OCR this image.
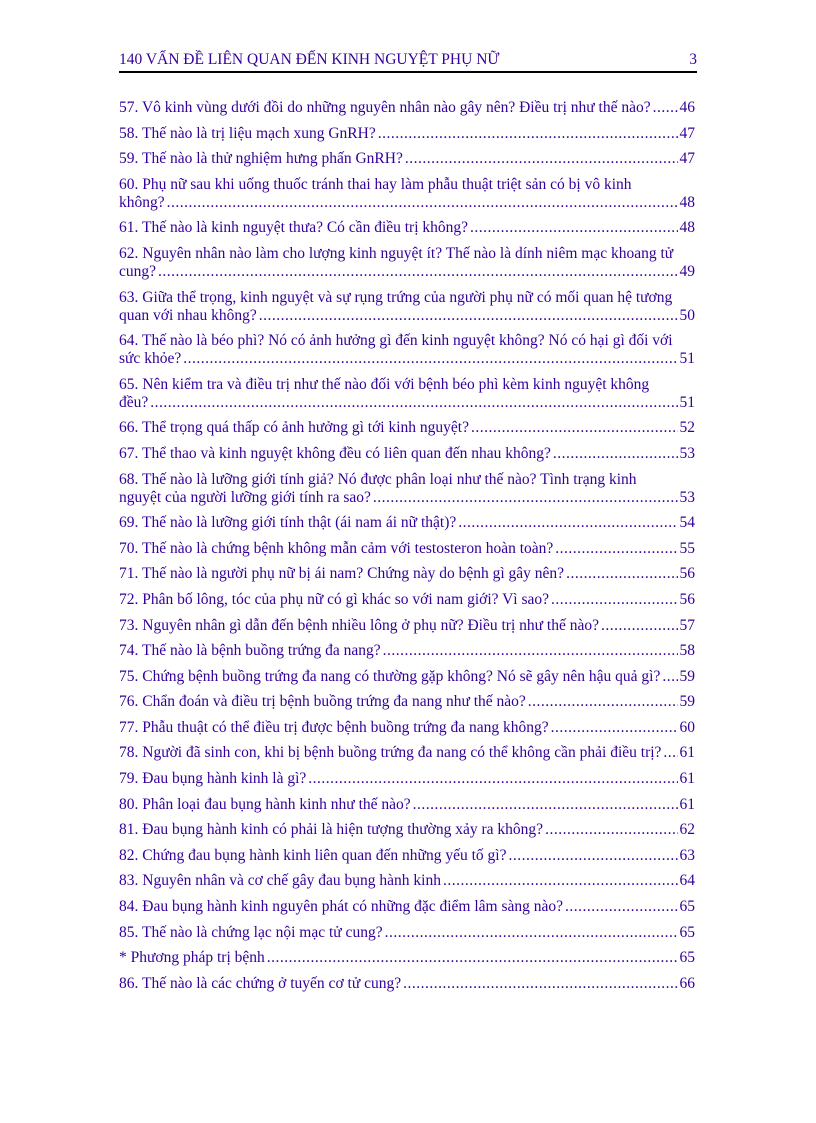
140 VẤN ĐỀ LIÊN QUAN ĐẾN KINH NGUYỆT PHỤ NỮ	3
57. Vô kinh vùng dưới đồi do những nguyên nhân nào gây nên? Điều trị như thế nào? ..... 46
58. Thế nào là trị liệu mạch xung GnRH? .....	47
59. Thế nào là thử nghiệm hưng phấn GnRH? .....	47
60. Phụ nữ sau khi uống thuốc tránh thai hay làm phẫu thuật triệt sản có bị vô kinh
không? .....	48
61. Thế nào là kinh nguyệt thưa? Có cần điều trị không? .....	48
62. Nguyên nhân nào làm cho lượng kinh nguyệt ít? Thế nào là dính niêm mạc khoang tử
cung? .....	49
63. Giữa thể trọng, kinh nguyệt và sự rụng trứng của người phụ nữ có mối quan hệ tương
quan với nhau không? .....	50
64. Thế nào là béo phì? Nó có ảnh hưởng gì đến kinh nguyệt không? Nó có hại gì đối với
sức khỏe? .....	51
65. Nên kiểm tra và điều trị như thế nào đối với bệnh béo phì kèm kinh nguyệt không
đều? .....	51
66. Thể trọng quá thấp có ảnh hưởng gì tới kinh nguyệt? .....	52
67. Thể thao và kinh nguyệt không đều có liên quan đến nhau không? .....	53
68. Thế nào là lưỡng giới tính giả? Nó được phân loại như thế nào? Tình trạng kinh
nguyệt của người lưỡng giới tính ra sao? .....	53
69. Thế nào là lưỡng giới tính thật (ái nam ái nữ thật)? .....	54
70. Thế nào là chứng bệnh không mẫn cảm với testosteron hoàn toàn? .....	55
71. Thế nào là người phụ nữ bị ái nam? Chứng này do bệnh gì gây nên? .....	56
72. Phân bố lông, tóc của phụ nữ có gì khác so với nam giới? Vì sao? .....	56
73. Nguyên nhân gì dẫn đến bệnh nhiều lông ở phụ nữ? Điều trị như thế nào? .....	57
74. Thế nào là bệnh buồng trứng đa nang? .....	58
75. Chứng bệnh buồng trứng đa nang có thường gặp không? Nó sẽ gây nên hậu quả gì? ..... 59
76. Chẩn đoán và điều trị bệnh buồng trứng đa nang như thế nào? .....	59
77. Phẫu thuật có thể điều trị được bệnh buồng trứng đa nang không? .....	60
78. Người đã sinh con, khi bị bệnh buồng trứng đa nang có thể không cần phải điều trị? ..... 61
79. Đau bụng hành kinh là gì? .....	61
80. Phân loại đau bụng hành kinh như thế nào? .....	61
81. Đau bụng hành kinh có phải là hiện tượng thường xảy ra không? .....	62
82. Chứng đau bụng hành kinh liên quan đến những yếu tố gì? .....	63
83. Nguyên nhân và cơ chế gây đau bụng hành kinh .....	64
84. Đau bụng hành kinh nguyên phát có những đặc điểm lâm sàng nào? .....	65
85. Thế nào là chứng lạc nội mạc tử cung? .....	65
* Phương pháp trị bệnh .....	65
86. Thế nào là các chứng ở tuyến cơ tử cung? .....	66
